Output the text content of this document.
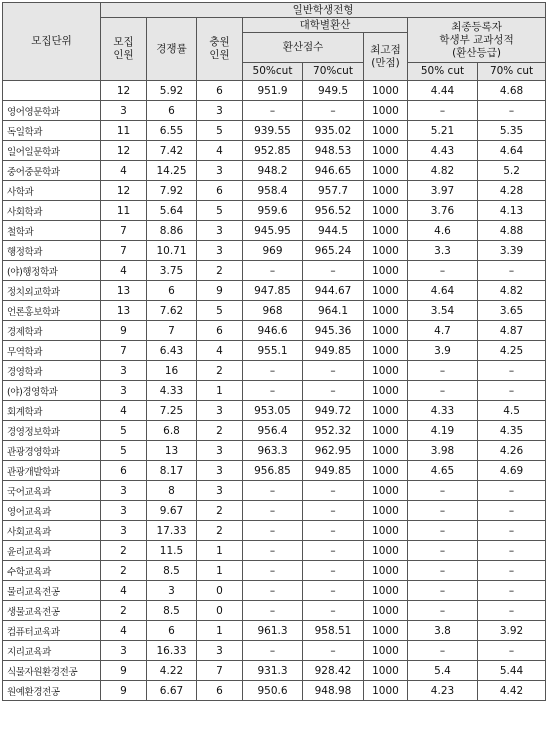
모집단위	일반학생전형							
	모집
인원	경쟁률	충원
인원	대학별환산			최종등록자
학생부 교과성적
(환산등급)	
				환산점수		최고점
(만점)		
				50%cut	70%cut		50% cut	70% cut
	12	5.92	6	951.9	949.5	1000	4.44	4.68
영어영문학과	3	6	3	–	–	1000	–	–
독일학과	11	6.55	5	939.55	935.02	1000	5.21	5.35
일어일문학과	12	7.42	4	952.85	948.53	1000	4.43	4.64
중어중문학과	4	14.25	3	948.2	946.65	1000	4.82	5.2
사학과	12	7.92	6	958.4	957.7	1000	3.97	4.28
사회학과	11	5.64	5	959.6	956.52	1000	3.76	4.13
철학과	7	8.86	3	945.95	944.5	1000	4.6	4.88
행정학과	7	10.71	3	969	965.24	1000	3.3	3.39
(야)행정학과	4	3.75	2	–	–	1000	–	–
정치외교학과	13	6	9	947.85	944.67	1000	4.64	4.82
언론홍보학과	13	7.62	5	968	964.1	1000	3.54	3.65
경제학과	9	7	6	946.6	945.36	1000	4.7	4.87
무역학과	7	6.43	4	955.1	949.85	1000	3.9	4.25
경영학과	3	16	2	–	–	1000	–	–
(야)경영학과	3	4.33	1	–	–	1000	–	–
회계학과	4	7.25	3	953.05	949.72	1000	4.33	4.5
경영정보학과	5	6.8	2	956.4	952.32	1000	4.19	4.35
관광경영학과	5	13	3	963.3	962.95	1000	3.98	4.26
관광개발학과	6	8.17	3	956.85	949.85	1000	4.65	4.69
국어교육과	3	8	3	–	–	1000	–	–
영어교육과	3	9.67	2	–	–	1000	–	–
사회교육과	3	17.33	2	–	–	1000	–	–
윤리교육과	2	11.5	1	–	–	1000	–	–
수학교육과	2	8.5	1	–	–	1000	–	–
물리교육전공	4	3	0	–	–	1000	–	–
생물교육전공	2	8.5	0	–	–	1000	–	–
컴퓨터교육과	4	6	1	961.3	958.51	1000	3.8	3.92
지리교육과	3	16.33	3	–	–	1000	–	–
식물자원환경전공	9	4.22	7	931.3	928.42	1000	5.4	5.44
원예환경전공	9	6.67	6	950.6	948.98	1000	4.23	4.42
